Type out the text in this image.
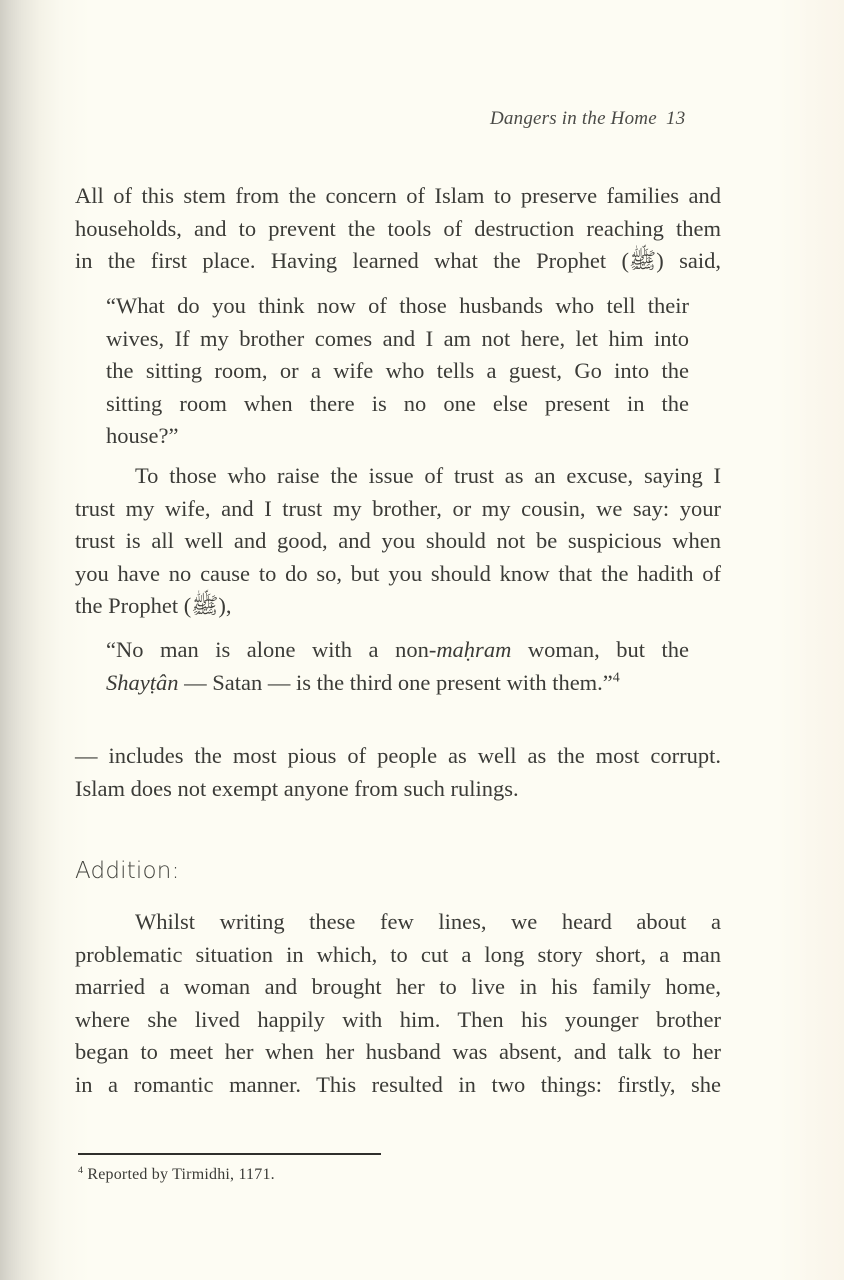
Dangers in the Home 13
All of this stem from the concern of Islam to preserve families and
households, and to prevent the tools of destruction reaching them
in the first place. Having learned what the Prophet (ﷺ) said,
“What do you think now of those husbands who tell their
wives, If my brother comes and I am not here, let him into
the sitting room, or a wife who tells a guest, Go into the
sitting room when there is no one else present in the
house?”
To those who raise the issue of trust as an excuse, saying I
trust my wife, and I trust my brother, or my cousin, we say: your
trust is all well and good, and you should not be suspicious when
you have no cause to do so, but you should know that the hadith of
the Prophet (ﷺ),
“No man is alone with a non-maḥram woman, but the
Shayṭân — Satan — is the third one present with them.”$^4$
— includes the most pious of people as well as the most corrupt.
Islam does not exempt anyone from such rulings.
Addition:
Whilst writing these few lines, we heard about a
problematic situation in which, to cut a long story short, a man
married a woman and brought her to live in his family home,
where she lived happily with him. Then his younger brother
began to meet her when her husband was absent, and talk to her
in a romantic manner. This resulted in two things: firstly, she
$^4$ Reported by Tirmidhi, 1171.
